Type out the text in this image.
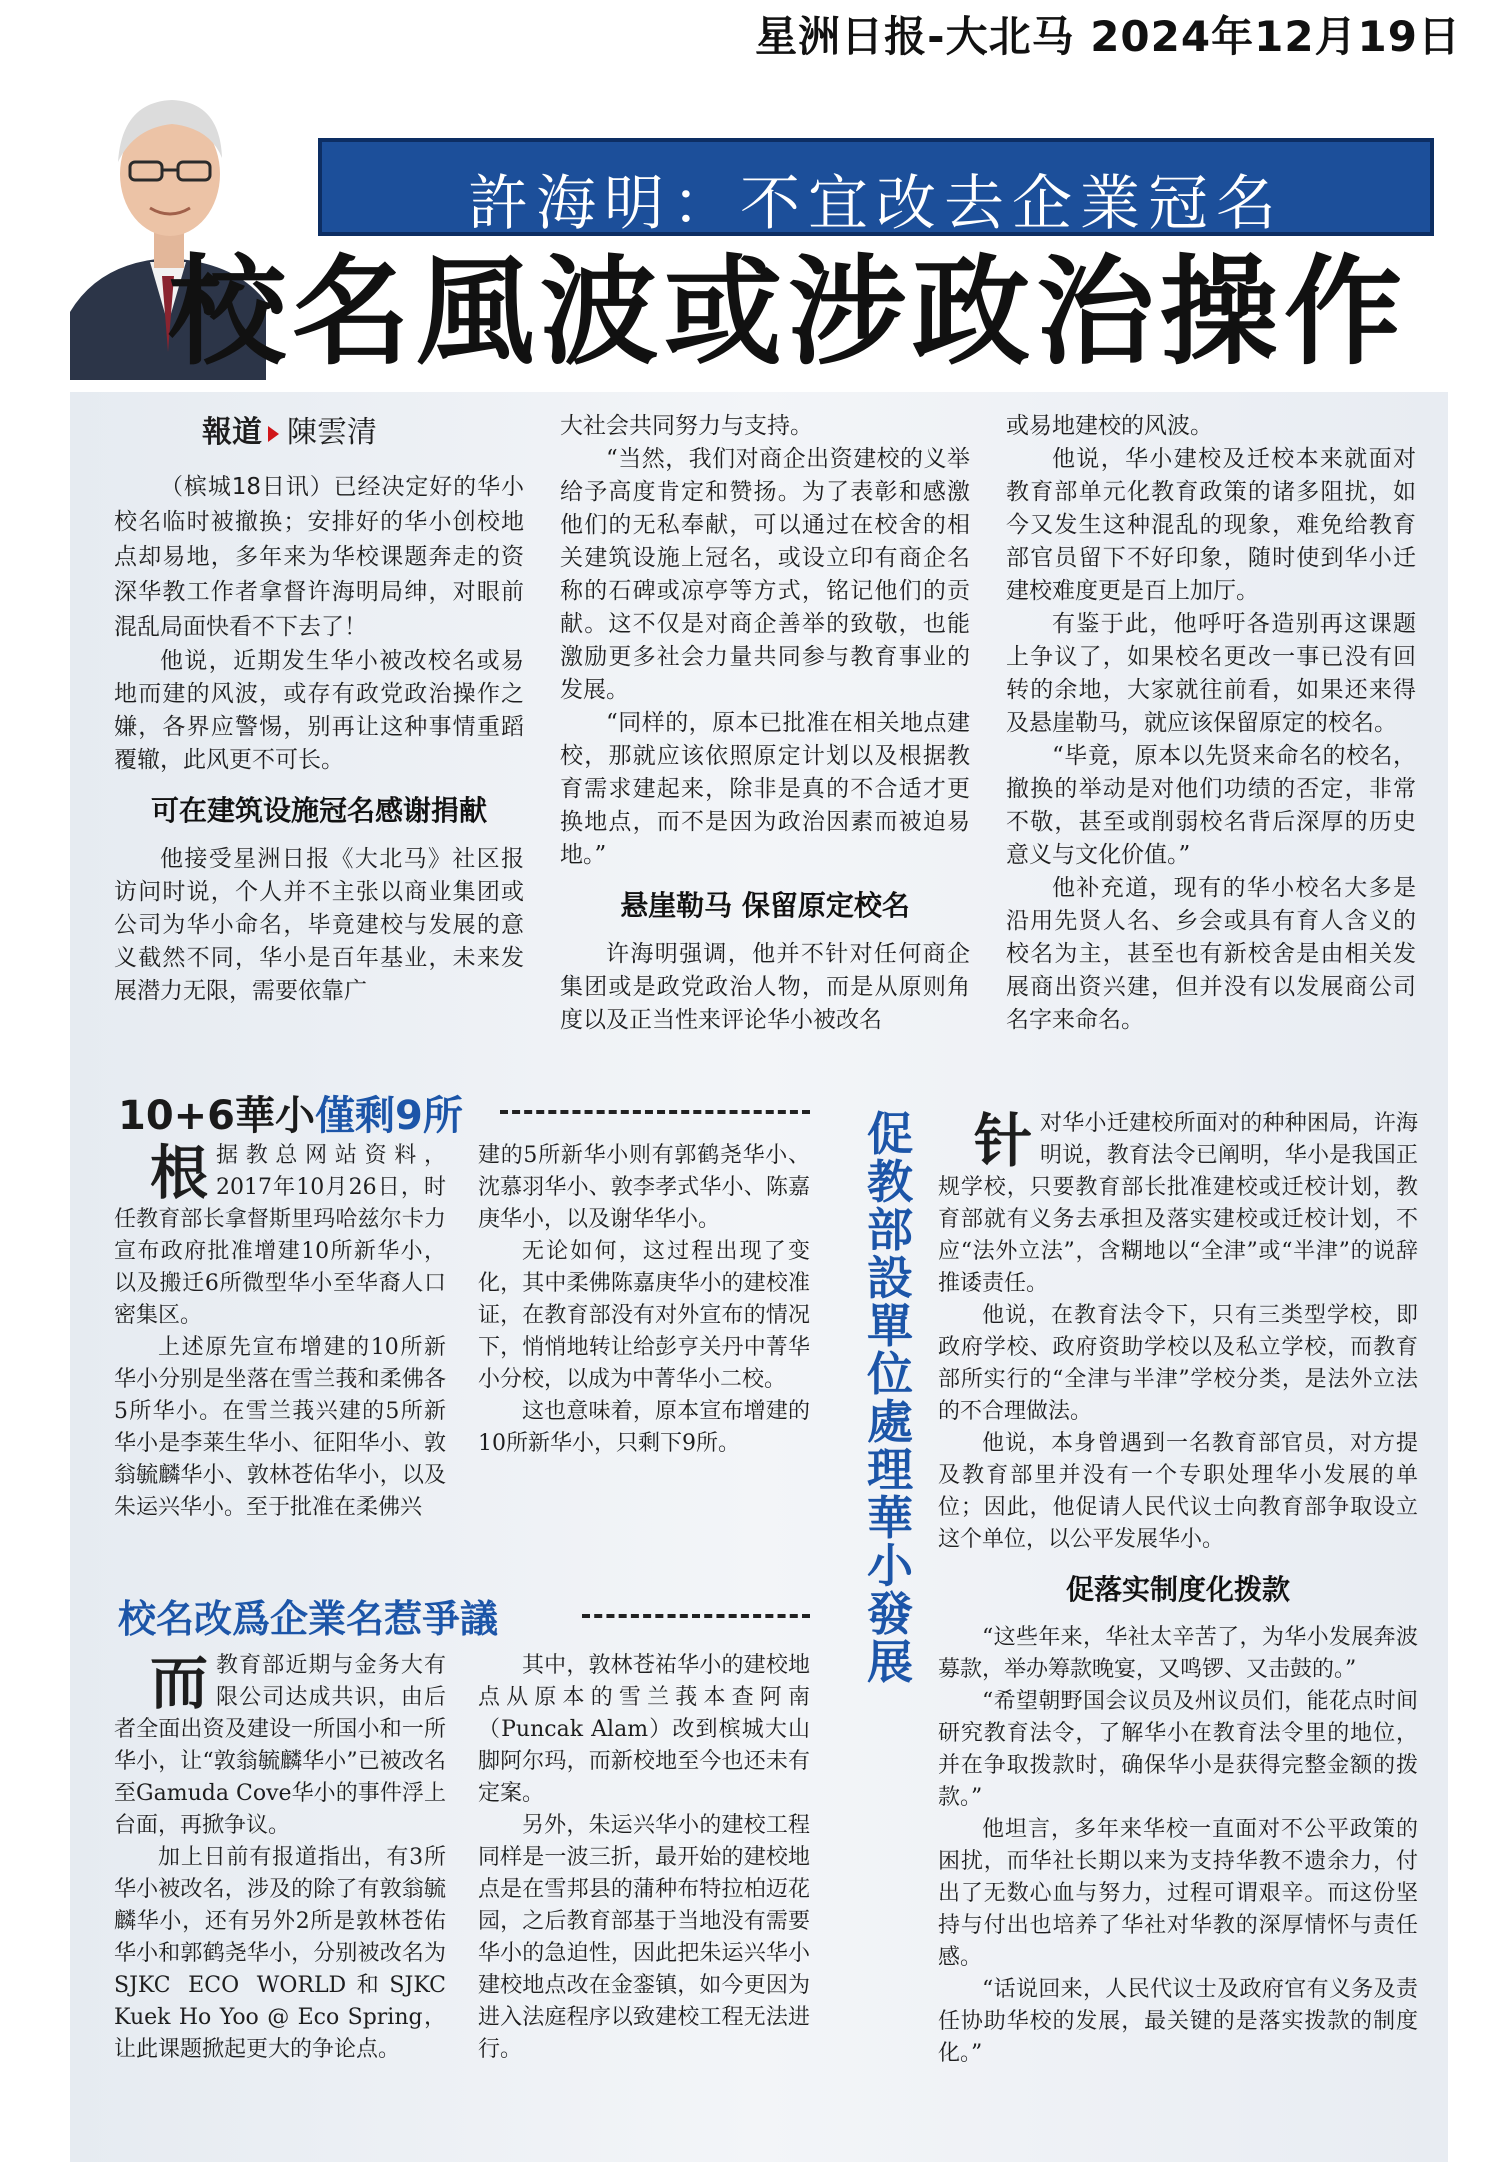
星洲日报-大北马 2024年12月19日
許海明：不宜改去企業冠名
校名風波或涉政治操作
報道 陳雲清

（槟城18日讯）已经决定好的华小校名临时被撤换；安排好的华小创校地点却易地，多年来为华校课题奔走的资深华教工作者拿督许海明局绅，对眼前混乱局面快看不下去了！

他说，近期发生华小被改校名或易地而建的风波，或存有政党政治操作之嫌，各界应警惕，别再让这种事情重蹈覆辙，此风更不可长。

可在建筑设施冠名感谢捐献

他接受星洲日报《大北马》社区报访问时说，个人并不主张以商业集团或公司为华小命名，毕竟建校与发展的意义截然不同，华小是百年基业，未来发展潜力无限，需要依靠广

大社会共同努力与支持。

“当然，我们对商企出资建校的义举给予高度肯定和赞扬。为了表彰和感激他们的无私奉献，可以通过在校舍的相关建筑设施上冠名，或设立印有商企名称的石碑或凉亭等方式，铭记他们的贡献。这不仅是对商企善举的致敬，也能激励更多社会力量共同参与教育事业的发展。

“同样的，原本已批准在相关地点建校，那就应该依照原定计划以及根据教育需求建起来，除非是真的不合适才更换地点，而不是因为政治因素而被迫易地。”

悬崖勒马 保留原定校名

许海明强调，他并不针对任何商企集团或是政党政治人物，而是从原则角度以及正当性来评论华小被改名

或易地建校的风波。

他说，华小建校及迁校本来就面对教育部单元化教育政策的诸多阻扰，如今又发生这种混乱的现象，难免给教育部官员留下不好印象，随时使到华小迁建校难度更是百上加厅。

有鉴于此，他呼吁各造别再这课题上争议了，如果校名更改一事已没有回转的余地，大家就往前看，如果还来得及悬崖勒马，就应该保留原定的校名。

“毕竟，原本以先贤来命名的校名，撤换的举动是对他们功绩的否定，非常不敬，甚至或削弱校名背后深厚的历史意义与文化价值。”

他补充道，现有的华小校名大多是沿用先贤人名、乡会或具有育人含义的校名为主，甚至也有新校舍是由相关发展商出资兴建，但并没有以发展商公司名字来命名。

10+6華小僅剩9所

根据教总网站资料，2017年10月26日，时任教育部长拿督斯里玛哈兹尔卡力宣布政府批准增建10所新华小，以及搬迁6所微型华小至华裔人口密集区。

上述原先宣布增建的10所新华小分别是坐落在雪兰莪和柔佛各5所华小。在雪兰莪兴建的5所新华小是李莱生华小、征阳华小、敦翁毓麟华小、敦林苍佑华小，以及朱运兴华小。至于批准在柔佛兴

建的5所新华小则有郭鹤尧华小、沈慕羽华小、敦李孝式华小、陈嘉庚华小，以及谢华华小。

无论如何，这过程出现了变化，其中柔佛陈嘉庚华小的建校准证，在教育部没有对外宣布的情况下，悄悄地转让给彭亨关丹中菁华小分校，以成为中菁华小二校。

这也意味着，原本宣布增建的10所新华小，只剩下9所。

校名改爲企業名惹爭議

而教育部近期与金务大有限公司达成共识，由后者全面出资及建设一所国小和一所华小，让“敦翁毓麟华小”已被改名至Gamuda Cove华小的事件浮上台面，再掀争议。

加上日前有报道指出，有3所华小被改名，涉及的除了有敦翁毓麟华小，还有另外2所是敦林苍佑华小和郭鹤尧华小，分别被改名为SJKC ECO WORLD和SJKC Kuek Ho Yoo @ Eco Spring，让此课题掀起更大的争论点。

其中，敦林苍祐华小的建校地点从原本的雪兰莪本查阿南（Puncak Alam）改到槟城大山脚阿尔玛，而新校地至今也还未有定案。

另外，朱运兴华小的建校工程同样是一波三折，最开始的建校地点是在雪邦县的蒲种布特拉柏迈花园，之后教育部基于当地没有需要华小的急迫性，因此把朱运兴华小建校地点改在金銮镇，如今更因为进入法庭程序以致建校工程无法进行。

促教部設單位處理華小發展

针对华小迁建校所面对的种种困局，许海明说，教育法令已阐明，华小是我国正规学校，只要教育部长批准建校或迁校计划，教育部就有义务去承担及落实建校或迁校计划，不应“法外立法”，含糊地以“全津”或“半津”的说辞推诿责任。

他说，在教育法令下，只有三类型学校，即政府学校、政府资助学校以及私立学校，而教育部所实行的“全津与半津”学校分类，是法外立法的不合理做法。

他说，本身曾遇到一名教育部官员，对方提及教育部里并没有一个专职处理华小发展的单位；因此，他促请人民代议士向教育部争取设立这个单位，以公平发展华小。

促落实制度化拨款

“这些年来，华社太辛苦了，为华小发展奔波募款，举办筹款晚宴，又鸣锣、又击鼓的。”

“希望朝野国会议员及州议员们，能花点时间研究教育法令，了解华小在教育法令里的地位，并在争取拨款时，确保华小是获得完整金额的拨款。”

他坦言，多年来华校一直面对不公平政策的困扰，而华社长期以来为支持华教不遗余力，付出了无数心血与努力，过程可谓艰辛。而这份坚持与付出也培养了华社对华教的深厚情怀与责任感。

“话说回来，人民代议士及政府官有义务及责任协助华校的发展，最关键的是落实拨款的制度化。”
